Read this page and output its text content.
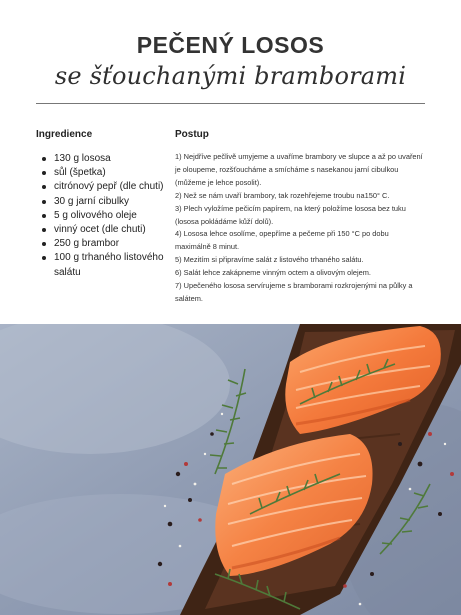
PEČENÝ LOSOS
se šťouchanými bramborami
Ingredience
130 g lososa
sůl (špetka)
citrónový pepř (dle chuti)
30 g jarní cibulky
5 g olivového oleje
vinný ocet (dle chuti)
250 g brambor
100 g trhaného listového salátu
Postup

1) Nejdříve pečlivě umyjeme a uvaříme brambory ve slupce a až po uvaření je oloupeme, rozšťoucháme a smícháme s nasekanou jarní cibulkou (můžeme je lehce posolit).

2) Než se nám uvaří brambory, tak rozehřejeme troubu na150° C.

3) Plech vyložíme pečicím papírem, na který položíme lososa bez tuku (lososa pokládáme kůží dolů).

4) Lososa lehce osolíme, opepříme a pečeme při 150 °C po dobu maximálně 8 minut.

5) Mezitím si připravíme salát z listového trhaného salátu.

6) Salát lehce zakápneme vinným octem a olivovým olejem.

7) Upečeného lososa servírujeme s bramborami rozkrojenými na půlky a salátem.
